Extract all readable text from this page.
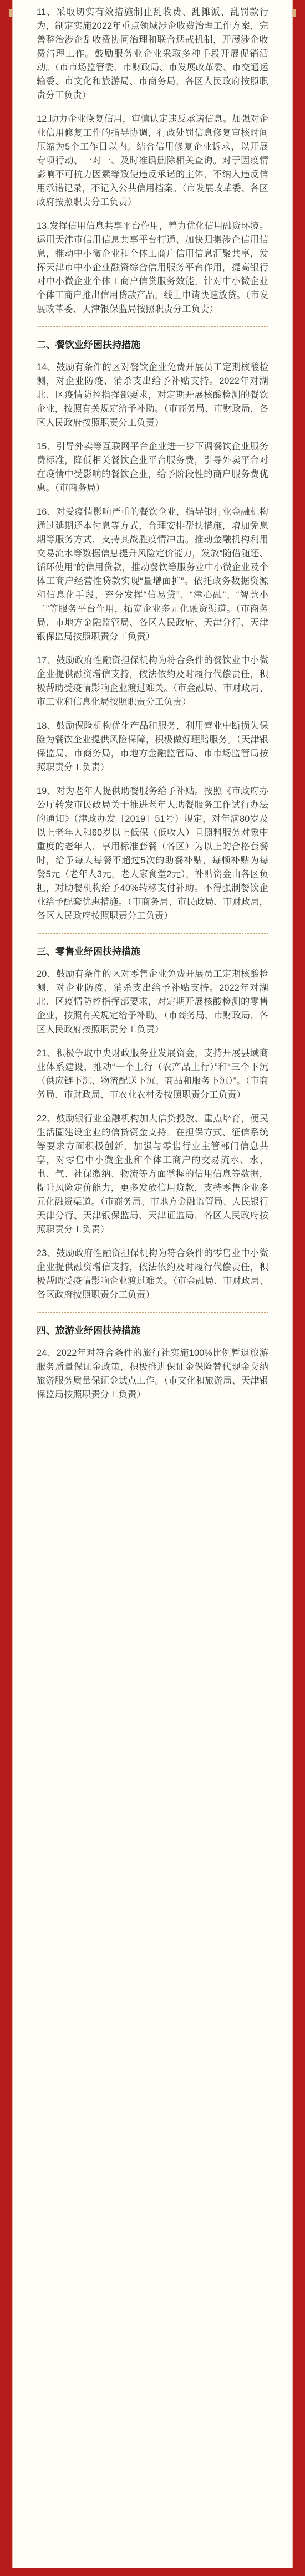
11、采取切实有效措施制止乱收费、乱摊派、乱罚款行为，制定实施2022年重点领域涉企收费治理工作方案，完善整治涉企乱收费协同治理和联合惩戒机制，开展涉企收费清理工作。鼓励服务业企业采取多种手段开展促销活动。（市市场监管委、市财政局、市发展改革委、市交通运输委、市文化和旅游局、市商务局，各区人民政府按照职责分工负责）

12.助力企业恢复信用，审慎认定违反承诺信息。加强对企业信用修复工作的指导协调，行政处罚信息修复审核时间压缩为5个工作日以内。结合信用修复企业诉求，以开展专项行动、一对一、及时准确删除相关查询。对于因疫情影响不可抗力因素等致使违反承诺的主体，不纳入违反信用承诺记录，不记入公共信用档案。（市发展改革委、各区政府按照职责分工负责）

13.发挥信用信息共享平台作用，着力优化信用融资环境。运用天津市信用信息共享平台打通、加快归集涉企信用信息，推动中小微企业和个体工商户信用信息汇聚共享，发挥天津市中小企业融资综合信用服务平台作用，提高银行对中小微企业个体工商户信贷服务效能。针对中小微企业个体工商户推出信用贷款产品，线上申请快速放贷。（市发展改革委、天津银保监局按照职责分工负责）

二、餐饮业纾困扶持措施

14、鼓励有条件的区对餐饮企业免费开展员工定期核酸检测，对企业防疫、消杀支出给予补贴支持。2022年对湖北、区疫情防控指挥部要求，对定期开展核酸检测的餐饮企业，按照有关规定给予补助。（市商务局、市财政局，各区人民政府按照职责分工负责）

15、引导外卖等互联网平台企业进一步下调餐饮企业服务费标准，降低相关餐饮企业平台服务费，引导外卖平台对在疫情中受影响的餐饮企业，给予阶段性的商户服务费优惠。（市商务局）

16、对受疫情影响严重的餐饮企业，指导银行业金融机构通过延期还本付息等方式，合理安排帮扶措施，增加免息期等服务方式，支持其战胜疫情冲击。推动金融机构利用交易流水等数据信息提升风险定价能力，发放“随借随还、循环使用”的信用贷款，推动餐饮等服务业中小微企业及个体工商户经营性贷款实现“量增面扩”。依托政务数据资源和信息化手段，充分发挥“信易贷”、“津心融”、“智慧小二”等服务平台作用，拓宽企业多元化融资渠道。（市商务局、市地方金融监管局、各区人民政府、天津分行、天津银保监局按照职责分工负责）

17、鼓励政府性融资担保机构为符合条件的餐饮业中小微企业提供融资增信支持，依法依约及时履行代偿责任，积极帮助受疫情影响企业渡过难关。（市金融局、市财政局、市工业和信息化局按照职责分工负责）

18、鼓励保险机构优化产品和服务，利用营业中断损失保险为餐饮企业提供风险保障，积极做好理赔服务。（天津银保监局、市商务局，市地方金融监管局、市市场监管局按照职责分工负责）

19、对为老年人提供助餐服务给予补贴。按照《市政府办公厅转发市民政局关于推进老年人助餐服务工作试行办法的通知》（津政办发〔2019〕51号）规定，对年满80岁及以上老年人和60岁以上低保（低收入）且照料服务对象中重度的老年人，享用标准套餐（各区）为以上的合格套餐时，给予每人每餐不超过5次的助餐补贴，每顿补贴为每餐5元（老年人3元，老人家食堂2元），补贴资金由各区负担，对助餐机构给予40%转移支付补助。不得强制餐饮企业给予配套优惠措施。（市商务局、市民政局、市财政局，各区人民政府按照职责分工负责）

三、零售业纾困扶持措施

20、鼓励有条件的区对零售企业免费开展员工定期核酸检测，对企业防疫、消杀支出给予补贴支持。2022年对湖北、区疫情防控指挥部要求，对定期开展核酸检测的零售企业，按照有关规定给予补助。（市商务局、市财政局，各区人民政府按照职责分工负责）

21、积极争取中央财政服务业发展资金，支持开展县域商业体系建设，推动“一个上行（农产品上行）”和“三个下沉（供应链下沉、物流配送下沉、商品和服务下沉）”。（市商务局、市财政局、市农业农村委按照职责分工负责）

22、鼓励银行业金融机构加大信贷投放、重点培育，便民生活圈建设企业的信贷资金支持。在担保方式、征信系统等要求方面积极创新，加强与零售行业主管部门信息共享，对零售中小微企业和个体工商户的交易流水、水、电、气、社保缴纳、物流等方面掌握的信用信息等数据，提升风险定价能力，更多发放信用贷款，支持零售企业多元化融资渠道。（市商务局、市地方金融监管局、人民银行天津分行、天津银保监局、天津证监局，各区人民政府按照职责分工负责）

23、鼓励政府性融资担保机构为符合条件的零售业中小微企业提供融资增信支持，依法依约及时履行代偿责任，积极帮助受疫情影响企业渡过难关。（市金融局、市财政局、各区政府按照职责分工负责）

四、旅游业纾困扶持措施

24、2022年对符合条件的旅行社实施100%比例暂退旅游服务质量保证金政策，积极推进保证金保险替代现金交纳旅游服务质量保证金试点工作。（市文化和旅游局、天津银保监局按照职责分工负责）
